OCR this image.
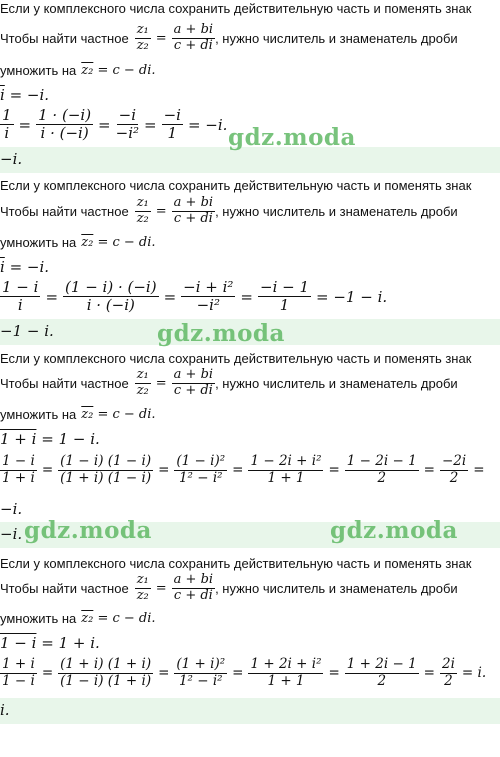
Если у комплексного числа сохранить действительную часть и поменять знак
Чтобы найти частное $\frac{\text{z₁}}{\text{z₂}} = \frac{a + bi}{c + di}$ , нужно числитель и знаменатель дроби
умножить на z₂ = c − di.
$\overline{i} = -i$.
$\frac{1}{i} = \frac{1 \cdot (-i)}{i \cdot (-i)} = \frac{-i}{\text{−i²}} = \frac{-i}{1} = -i$.
−i.
gdz.moda
Если у комплексного числа сохранить действительную часть и поменять знак
Чтобы найти частное $\frac{\text{z₁}}{\text{z₂}} = \frac{a + bi}{c + di}$ , нужно числитель и знаменатель дроби
умножить на z₂ = c − di.
$\overline{i} = -i$.
$\frac{1 - i}{i} = \frac{(1 - i) \cdot (-i)}{i \cdot (-i)} = \frac{\text{−i + i²}}{\text{−i²}} = \frac{-i - 1}{1} = -1 - i$.
−1 − i.	gdz.moda
Если у комплексного числа сохранить действительную часть и поменять знак
Чтобы найти частное $\frac{\text{z₁}}{\text{z₂}} = \frac{a + bi}{c + di}$ , нужно числитель и знаменатель дроби
умножить на z₂ = c − di.
1 + i = 1 − i.
$\frac{1 - i}{1 + i} = \frac{(1 - i) (1 - i)}{(1 + i) (1 - i)} = \frac{\text{(1 − i)²}}{\text{1² − i²}} = \frac{\text{1 − 2i + i²}}{1 + 1} = \frac{1 - 2i - 1}{2} = \frac{-2i}{2}$ =
−i.
−i. gdz.moda	gdz.moda
Если у комплексного числа сохранить действительную часть и поменять знак
Чтобы найти частное $\frac{\text{z₁}}{\text{z₂}} = \frac{a + bi}{c + di}$ , нужно числитель и знаменатель дроби
умножить на z₂ = c − di.
1 − i = 1 + i.
$\frac{1 + i}{1 - i} = \frac{(1 + i) (1 + i)}{(1 - i) (1 + i)} = \frac{\text{(1 + i)²}}{\text{1² − i²}} = \frac{\text{1 + 2i + i²}}{1 + 1} = \frac{1 + 2i - 1}{2} = \frac{2i}{2} = i$.
i.
